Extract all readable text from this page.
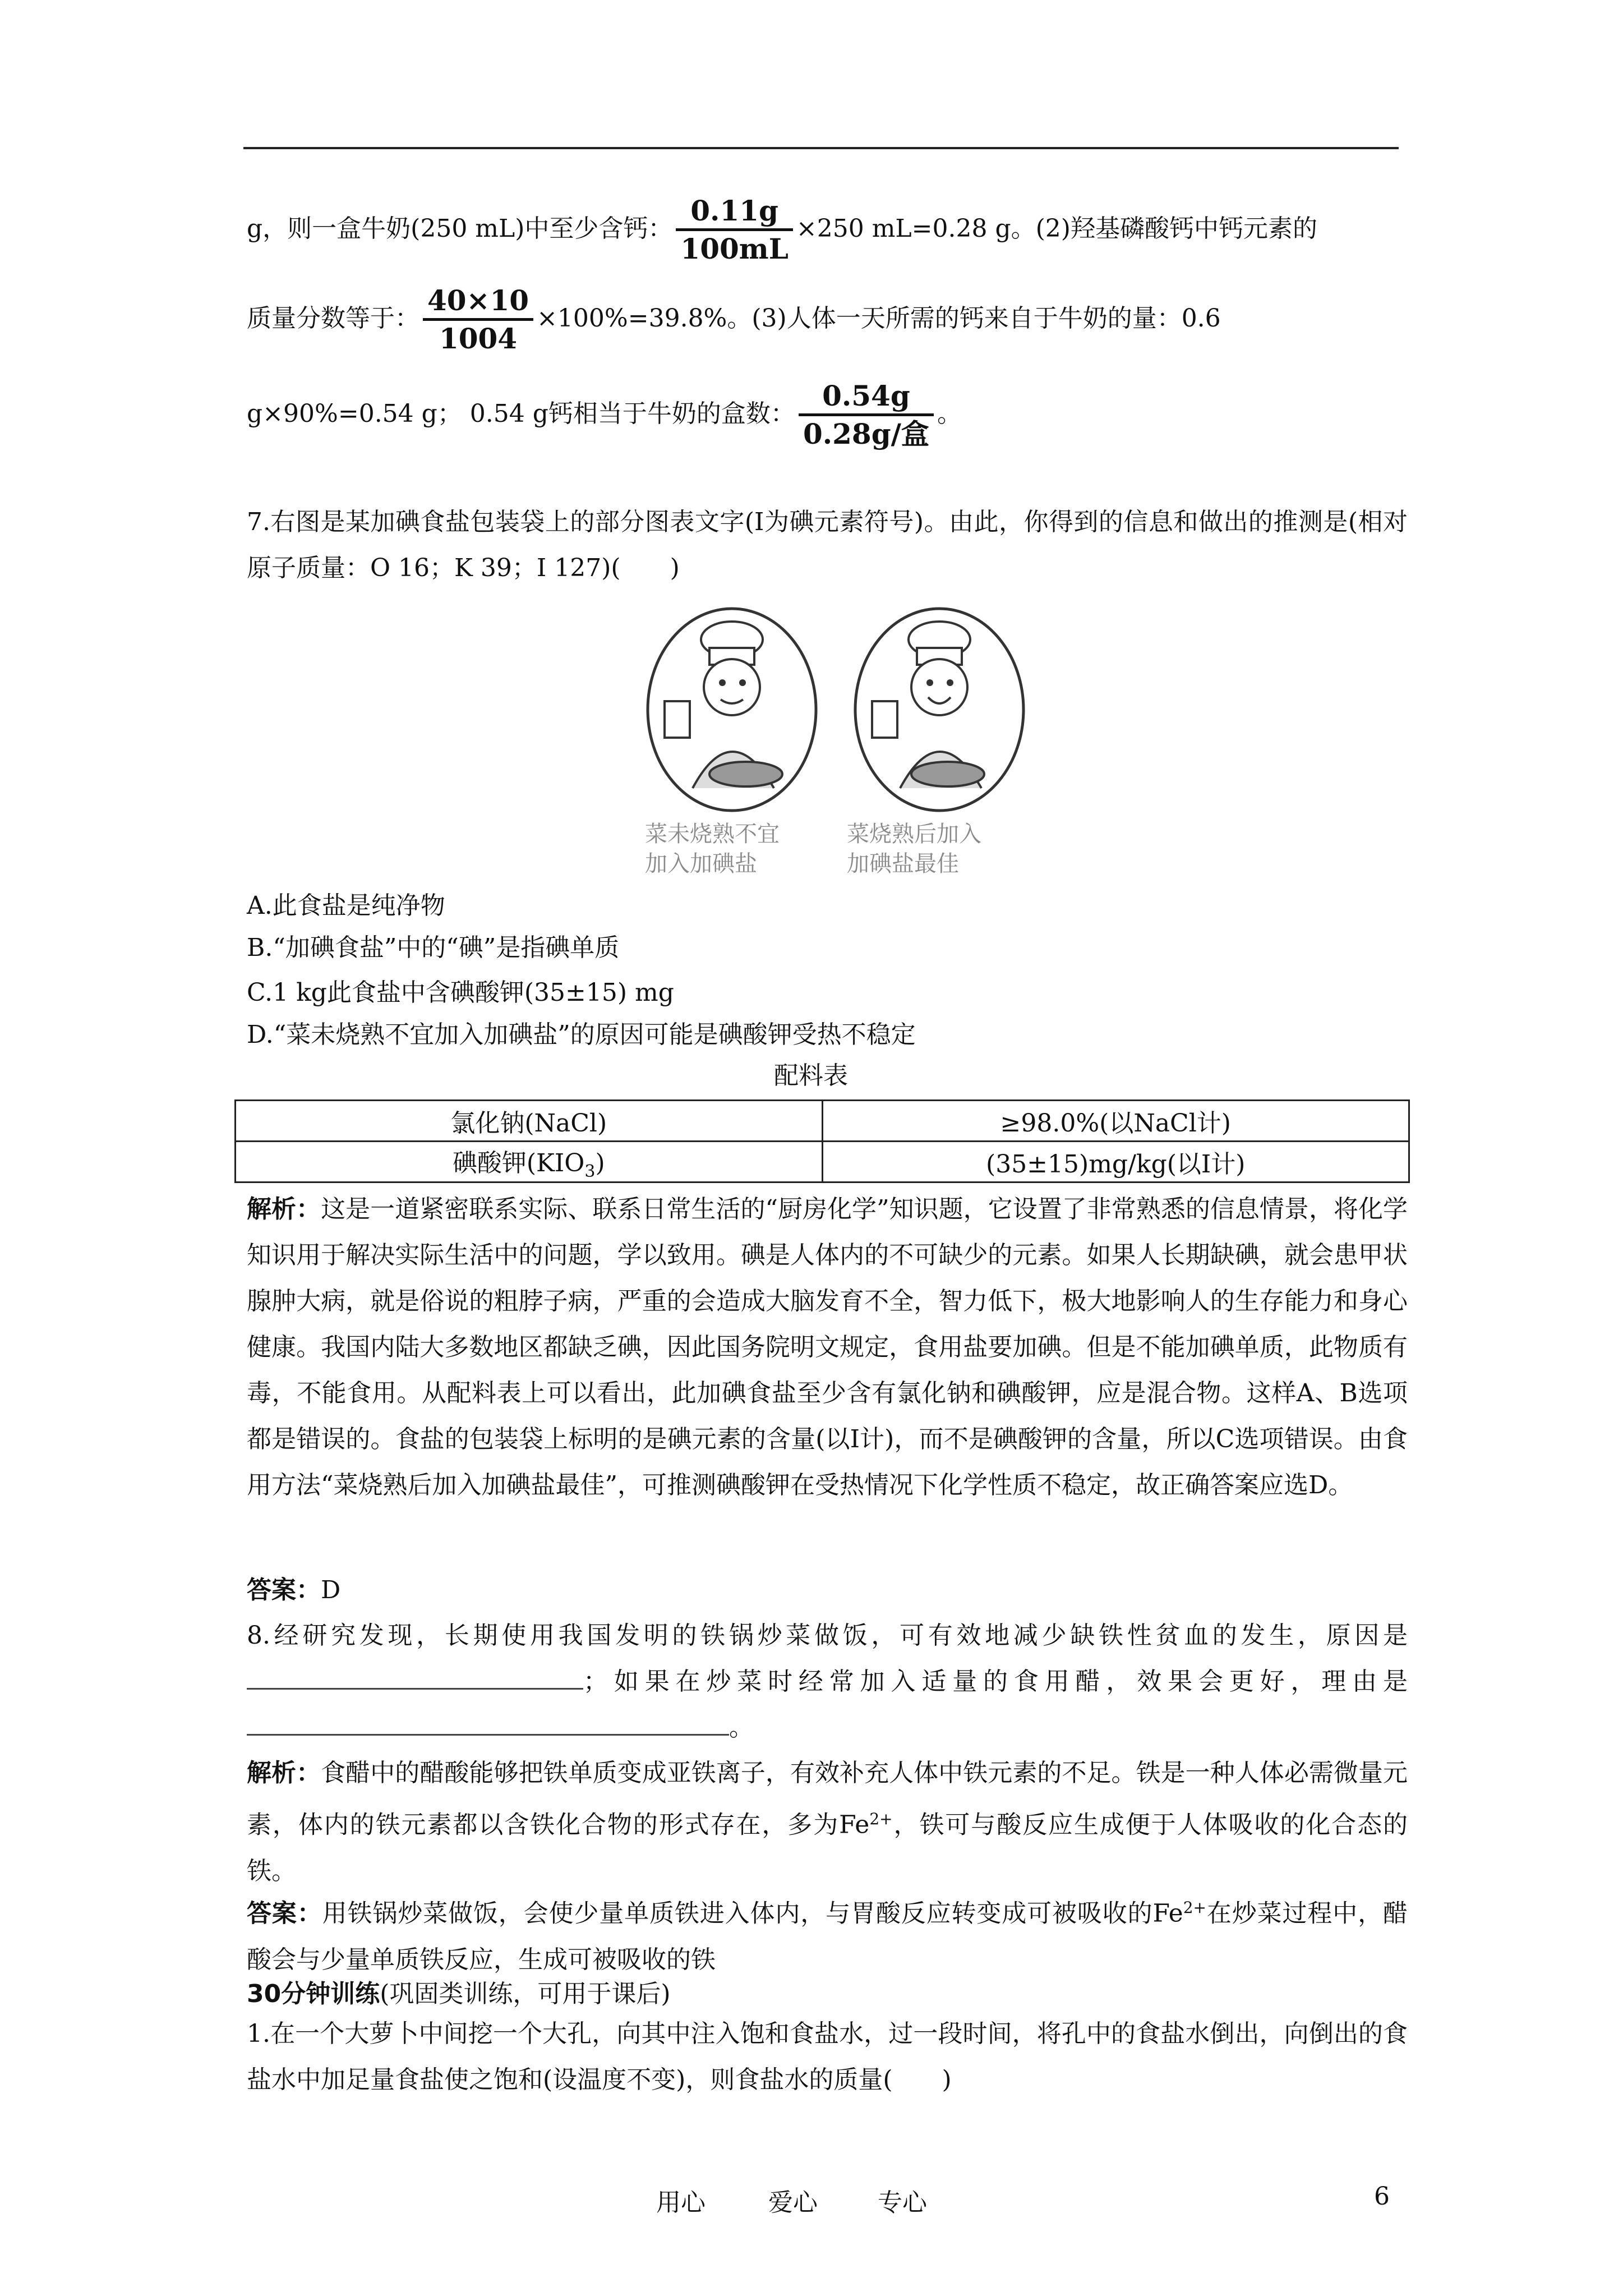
g，则一盒牛奶(250 mL)中至少含钙： $\frac{0.11g}{100mL} \times 250$ mL=0.28 g。(2)羟基磷酸钙中钙元素的
质量分数等于： $\frac{40\times 10}{1004} \times 100\%=39.8\%$。(3)人体一天所需的钙来自于牛奶的量：0.6
g×90%=0.54 g； 0.54 g钙相当于牛奶的盒数： $\frac{0.54g}{\text{0.28g/盒}}$ 。
7.右图是某加碘食盐包装袋上的部分图表文字(I为碘元素符号)。由此，你得到的信息和做出的推测是(相对原子质量：O 16；K 39；I 127)(　　)
菜未烧熟不宜
加入加碘盐
菜烧熟后加入
加碘盐最佳
A.此食盐是纯净物
B.“加碘食盐”中的“碘”是指碘单质
C.1 kg此食盐中含碘酸钾(35±15) mg
D.“菜未烧熟不宜加入加碘盐”的原因可能是碘酸钾受热不稳定
配料表
氯化钠(NaCl)	≥98.0%(以NaCl计)
碘酸钾$(KIO_3)$	(35±15)mg/kg(以I计)
解析：这是一道紧密联系实际、联系日常生活的“厨房化学”知识题，它设置了非常熟悉的信息情景，将化学知识用于解决实际生活中的问题，学以致用。碘是人体内的不可缺少的元素。如果人长期缺碘，就会患甲状腺肿大病，就是俗说的粗脖子病，严重的会造成大脑发育不全，智力低下，极大地影响人的生存能力和身心健康。我国内陆大多数地区都缺乏碘，因此国务院明文规定，食用盐要加碘。但是不能加碘单质，此物质有毒，不能食用。从配料表上可以看出，此加碘食盐至少含有氯化钠和碘酸钾，应是混合物。这样A、B选项都是错误的。食盐的包装袋上标明的是碘元素的含量(以I计)，而不是碘酸钾的含量，所以C选项错误。由食用方法“菜烧熟后加入加碘盐最佳”，可推测碘酸钾在受热情况下化学性质不稳定，故正确答案应选D。
答案：D
8.经研究发现，长期使用我国发明的铁锅炒菜做饭，可有效地减少缺铁性贫血的发生，原因是；如果在炒菜时经常加入适量的食用醋，效果会更好，理由是。
解析：食醋中的醋酸能够把铁单质变成亚铁离子，有效补充人体中铁元素的不足。铁是一种人体必需微量元素，体内的铁元素都以含铁化合物的形式存在，多为$Fe^{2+}$，铁可与酸反应生成便于人体吸收的化合态的铁。
答案：用铁锅炒菜做饭，会使少量单质铁进入体内，与胃酸反应转变成可被吸收的$Fe^{2+}$在炒菜过程中，醋酸会与少量单质铁反应，生成可被吸收的铁
30分钟训练(巩固类训练，可用于课后)
1.在一个大萝卜中间挖一个大孔，向其中注入饱和食盐水，过一段时间，将孔中的食盐水倒出，向倒出的食盐水中加足量食盐使之饱和(设温度不变)，则食盐水的质量(　　)
用心	爱心 专心	6
